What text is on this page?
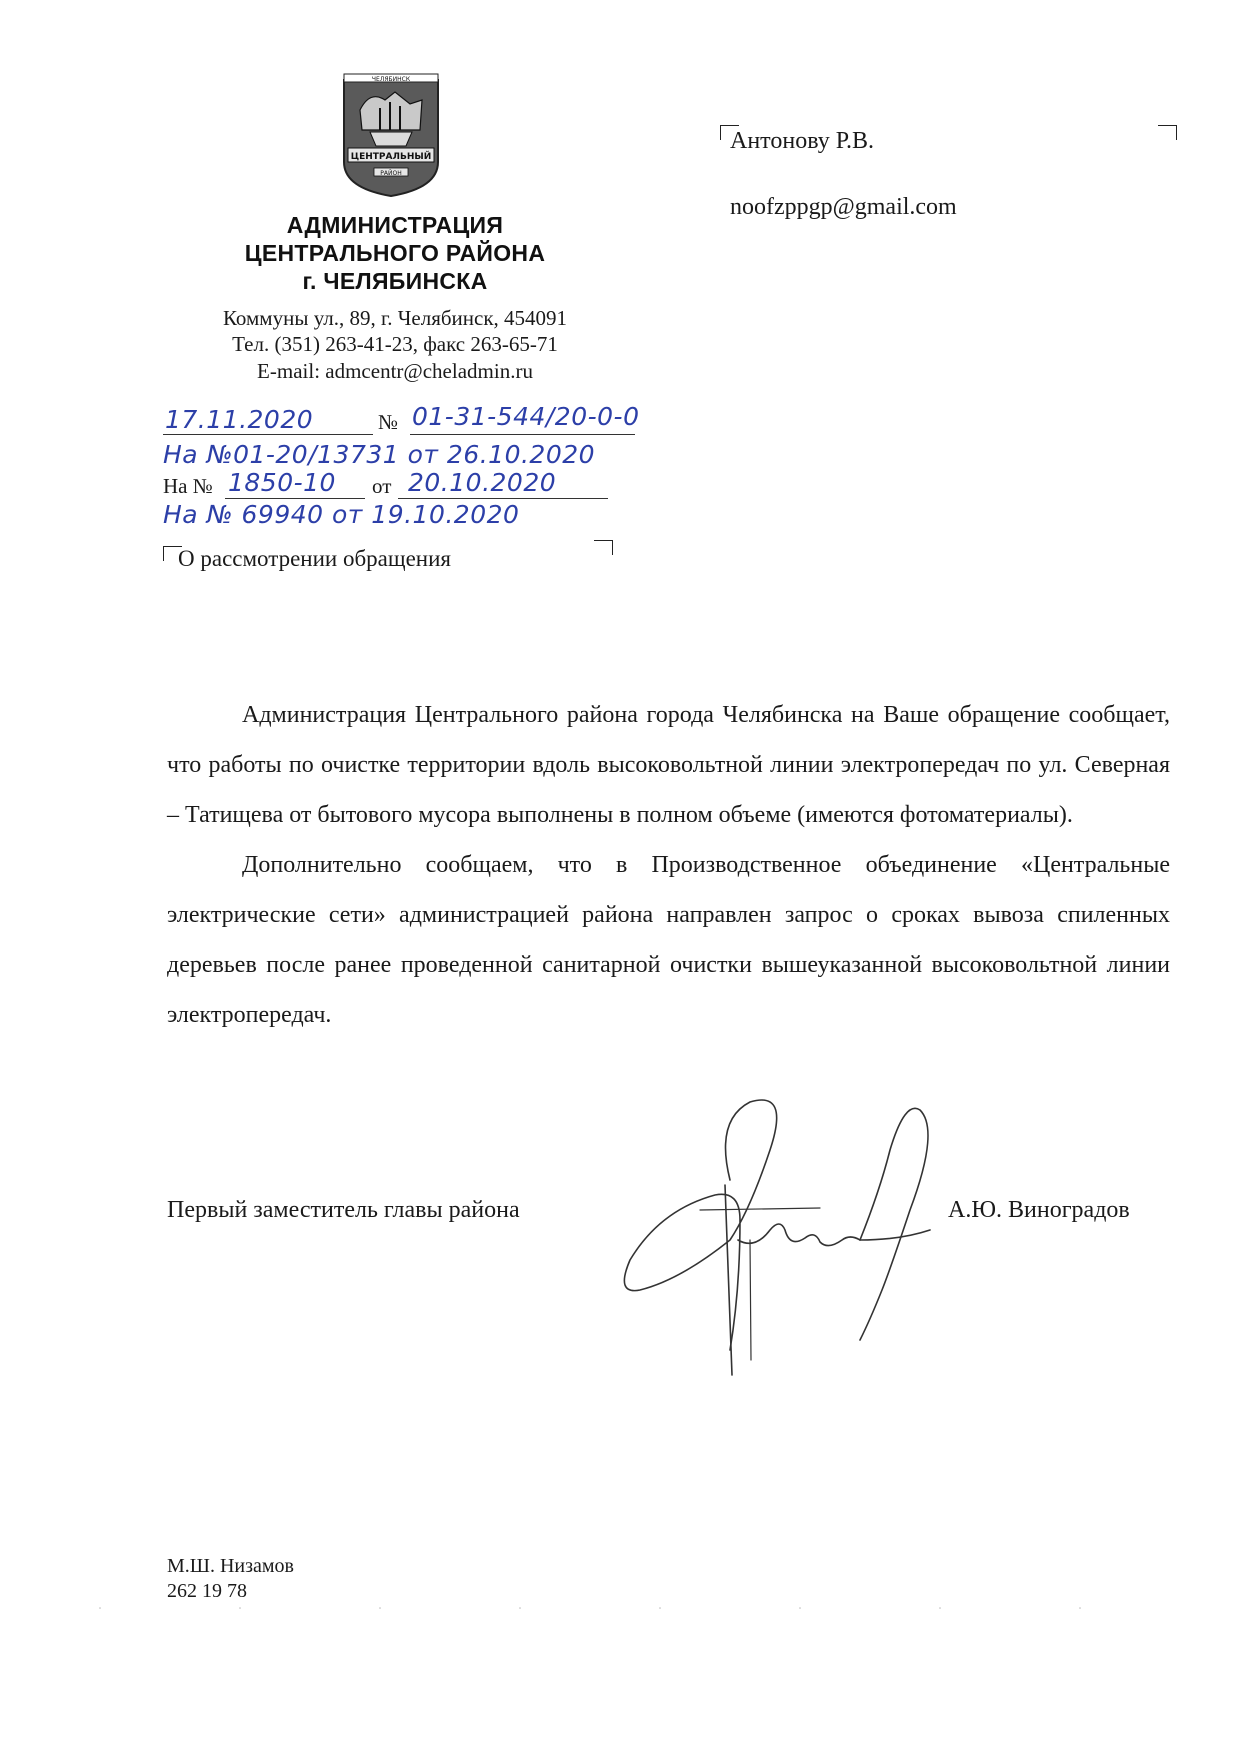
ЧЕЛЯБИНСК
ЦЕНТРАЛЬНЫЙ
РАЙОН
АДМИНИСТРАЦИЯ
ЦЕНТРАЛЬНОГО РАЙОНА
г. ЧЕЛЯБИНСКА
Коммуны ул., 89, г. Челябинск, 454091
Тел. (351) 263-41-23, факс 263-65-71
E-mail: admcentr@cheladmin.ru
Антонову Р.В.
noofzppgp@gmail.com
17.11.2020	№ 01-31-544/20-0-0
На №01-20/13731 от 26.10.2020
На № 1850-10 от 20.10.2020
На № 69940 от 19.10.2020
О рассмотрении обращения

Администрация Центрального района города Челябинска на Ваше обращение сообщает, что работы по очистке территории вдоль высоковольтной линии электропередач по ул. Северная – Татищева от бытового мусора выполнены в полном объеме (имеются фотоматериалы).

Дополнительно сообщаем, что в Производственное объединение «Центральные электрические сети» администрацией района направлен запрос о сроках вывоза спиленных деревьев после ранее проведенной санитарной очистки вышеуказанной высоковольтной линии электропередач.

Первый заместитель главы района	А.Ю. Виноградов
М.Ш. Низамов
262 19 78
